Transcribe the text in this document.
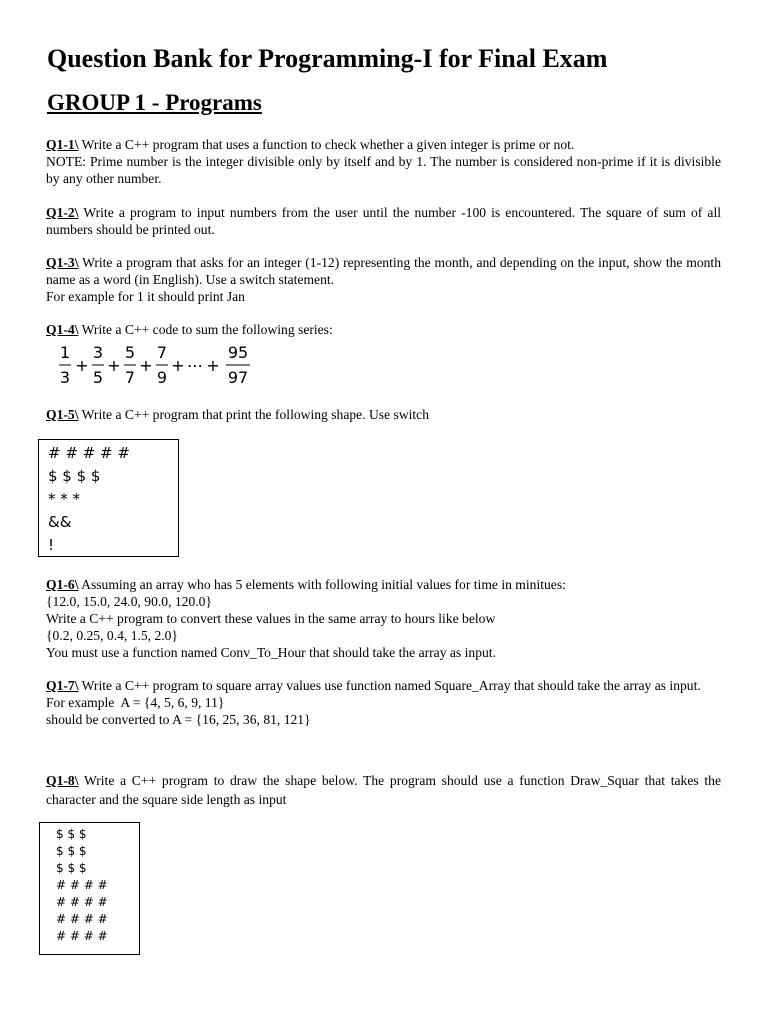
Question Bank for Programming-I for Final Exam
GROUP 1 - Programs

Q1-1\ Write a C++ program that uses a function to check whether a given integer is prime or not.

NOTE: Prime number is the integer divisible only by itself and by 1. The number is considered non-prime if it is divisible by any other number.

Q1-2\ Write a program to input numbers from the user until the number -100 is encountered. The square of sum of all numbers should be printed out.

Q1-3\ Write a program that asks for an integer (1-12) representing the month, and depending on the input, show the month name as a word (in English). Use a switch statement.

For example for 1 it should print Jan

Q1-4\ Write a C++ code to sum the following series:

1
3
+
3
5
+
5
7
+
7
9
+ ⋯ +
95
97

Q1-5\ Write a C++ program that print the following shape. Use switch

# # # # #
$ $ $ $
* * *
&&
!

Q1-6\ Assuming an array who has 5 elements with following initial values for time in minitues:

{12.0, 15.0, 24.0, 90.0, 120.0}

Write a C++ program to convert these values in the same array to hours like below

{0.2, 0.25, 0.4, 1.5, 2.0}

You must use a function named Conv_To_Hour that should take the array as input.

Q1-7\ Write a C++ program to square array values use function named Square_Array that should take the array as input.

For example  A = {4, 5, 6, 9, 11}

should be converted to A = {16, 25, 36, 81, 121}

Q1-8\ Write a C++ program to draw the shape below. The program should use a function Draw_Squar that takes the character and the square side length as input

$ $ $
$ $ $
$ $ $
# # # #
# # # #
# # # #
# # # #
